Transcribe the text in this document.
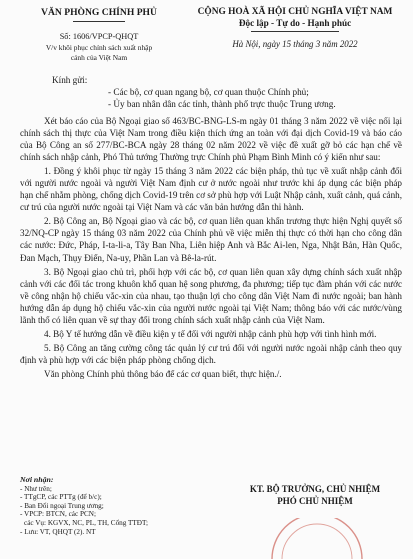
VĂN PHÒNG CHÍNH PHỦ
Số: 1606/VPCP-QHQT
V/v khôi phục chính sách xuất nhập
cảnh của Việt Nam
CỘNG HOÀ XÃ HỘI CHỦ NGHĨA VIỆT NAM
Độc lập - Tự do - Hạnh phúc
Hà Nội, ngày 15 tháng 3 năm 2022
Kính gửi:
- Các bộ, cơ quan ngang bộ, cơ quan thuộc Chính phủ;
- Ủy ban nhân dân các tỉnh, thành phố trực thuộc Trung ương.

Xét báo cáo của Bộ Ngoại giao số 463/BC-BNG-LS-m ngày 01 tháng 3 năm 2022 về việc nối lại chính sách thị thực của Việt Nam trong điều kiện thích ứng an toàn với đại dịch Covid-19 và báo cáo của Bộ Công an số 277/BC-BCA ngày 28 tháng 02 năm 2022 về việc đề xuất gỡ bỏ các hạn chế về chính sách nhập cảnh, Phó Thủ tướng Thường trực Chính phủ Phạm Bình Minh có ý kiến như sau:

1. Đồng ý khôi phục từ ngày 15 tháng 3 năm 2022 các biện pháp, thủ tục về xuất nhập cảnh đối với người nước ngoài và người Việt Nam định cư ở nước ngoài như trước khi áp dụng các biện pháp hạn chế nhằm phòng, chống dịch Covid-19 trên cơ sở phù hợp với Luật Nhập cảnh, xuất cảnh, quá cảnh, cư trú của người nước ngoài tại Việt Nam và các văn bản hướng dẫn thi hành.

2. Bộ Công an, Bộ Ngoại giao và các bộ, cơ quan liên quan khẩn trương thực hiện Nghị quyết số 32/NQ-CP ngày 15 tháng 03 năm 2022 của Chính phủ về việc miễn thị thực có thời hạn cho công dân các nước: Đức, Pháp, I-ta-li-a, Tây Ban Nha, Liên hiệp Anh và Bắc Ai-len, Nga, Nhật Bản, Hàn Quốc, Đan Mạch, Thụy Điển, Na-uy, Phần Lan và Bê-la-rút.

3. Bộ Ngoại giao chủ trì, phối hợp với các bộ, cơ quan liên quan xây dựng chính sách xuất nhập cảnh với các đối tác trong khuôn khổ quan hệ song phương, đa phương; tiếp tục đàm phán với các nước về công nhận hộ chiếu vắc-xin của nhau, tạo thuận lợi cho công dân Việt Nam đi nước ngoài; ban hành hướng dẫn áp dụng hộ chiếu vắc-xin của người nước ngoài tại Việt Nam; thông báo với các nước/vùng lãnh thổ có liên quan về sự thay đổi trong chính sách xuất nhập cảnh của Việt Nam.

4. Bộ Y tế hướng dẫn về điều kiện y tế đối với người nhập cảnh phù hợp với tình hình mới.

5. Bộ Công an tăng cường công tác quản lý cư trú đối với người nước ngoài nhập cảnh theo quy định và phù hợp với các biện pháp phòng chống dịch.

Văn phòng Chính phủ thông báo để các cơ quan biết, thực hiện./.

Nơi nhận:
- Như trên;
- TTgCP, các PTTg (để b/c);
- Ban Đối ngoại Trung ương;
- VPCP: BTCN, các PCN;
các Vụ: KGVX, NC, PL, TH, Cổng TTĐT;
- Lưu: VT, QHQT (2). NT
KT. BỘ TRƯỞNG, CHỦ NHIỆM
PHÓ CHỦ NHIỆM
